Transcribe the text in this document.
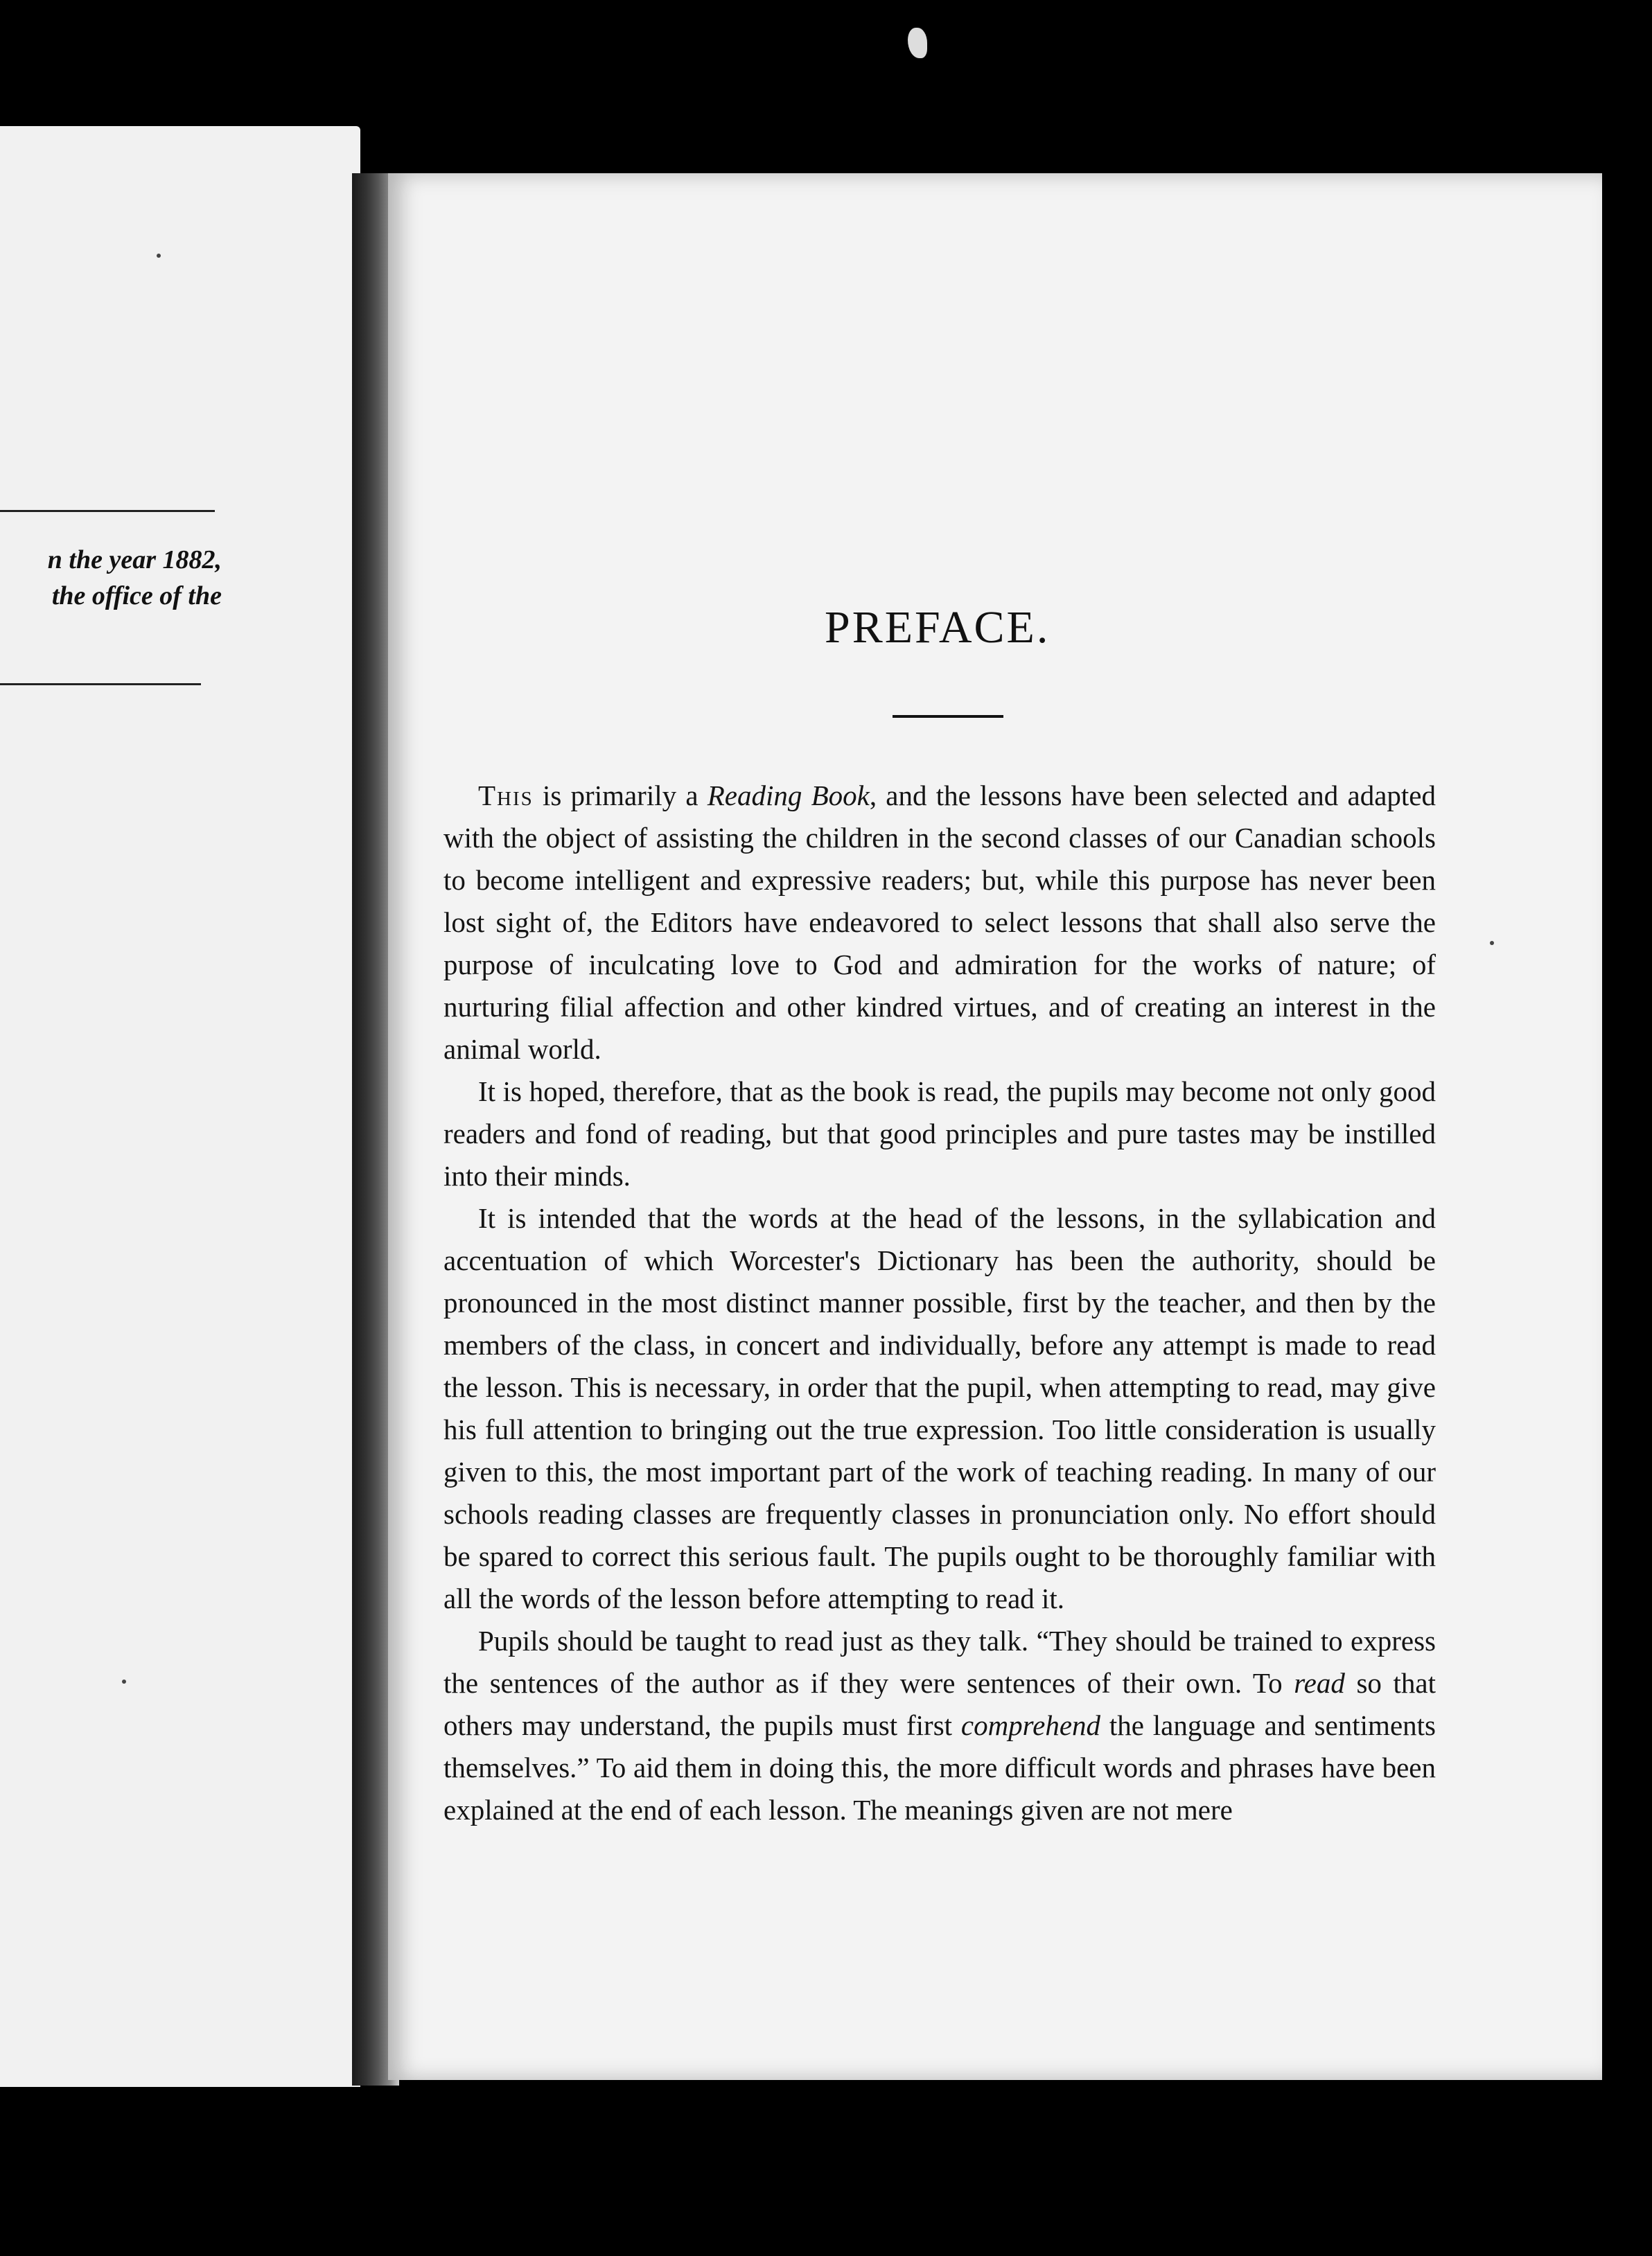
n the year 1882,
the office of the
PREFACE.

This is primarily a Reading Book, and the lessons have been selected and adapted with the object of assisting the children in the second classes of our Canadian schools to become intelligent and expressive readers; but, while this purpose has never been lost sight of, the Editors have endeavored to select lessons that shall also serve the purpose of inculcating love to God and admiration for the works of nature; of nurturing filial affection and other kindred virtues, and of creating an interest in the animal world.

It is hoped, therefore, that as the book is read, the pupils may become not only good readers and fond of reading, but that good principles and pure tastes may be instilled into their minds.

It is intended that the words at the head of the lessons, in the syllabication and accentuation of which Worcester's Dictionary has been the authority, should be pronounced in the most distinct manner possible, first by the teacher, and then by the members of the class, in concert and individually, before any attempt is made to read the lesson. This is necessary, in order that the pupil, when attempting to read, may give his full attention to bringing out the true expression. Too little consideration is usually given to this, the most important part of the work of teaching reading. In many of our schools reading classes are frequently classes in pronunciation only. No effort should be spared to correct this serious fault. The pupils ought to be thoroughly familiar with all the words of the lesson before attempting to read it.

Pupils should be taught to read just as they talk. “They should be trained to express the sentences of the author as if they were sentences of their own. To read so that others may understand, the pupils must first comprehend the language and sentiments themselves.” To aid them in doing this, the more difficult words and phrases have been explained at the end of each lesson. The meanings given are not mere
